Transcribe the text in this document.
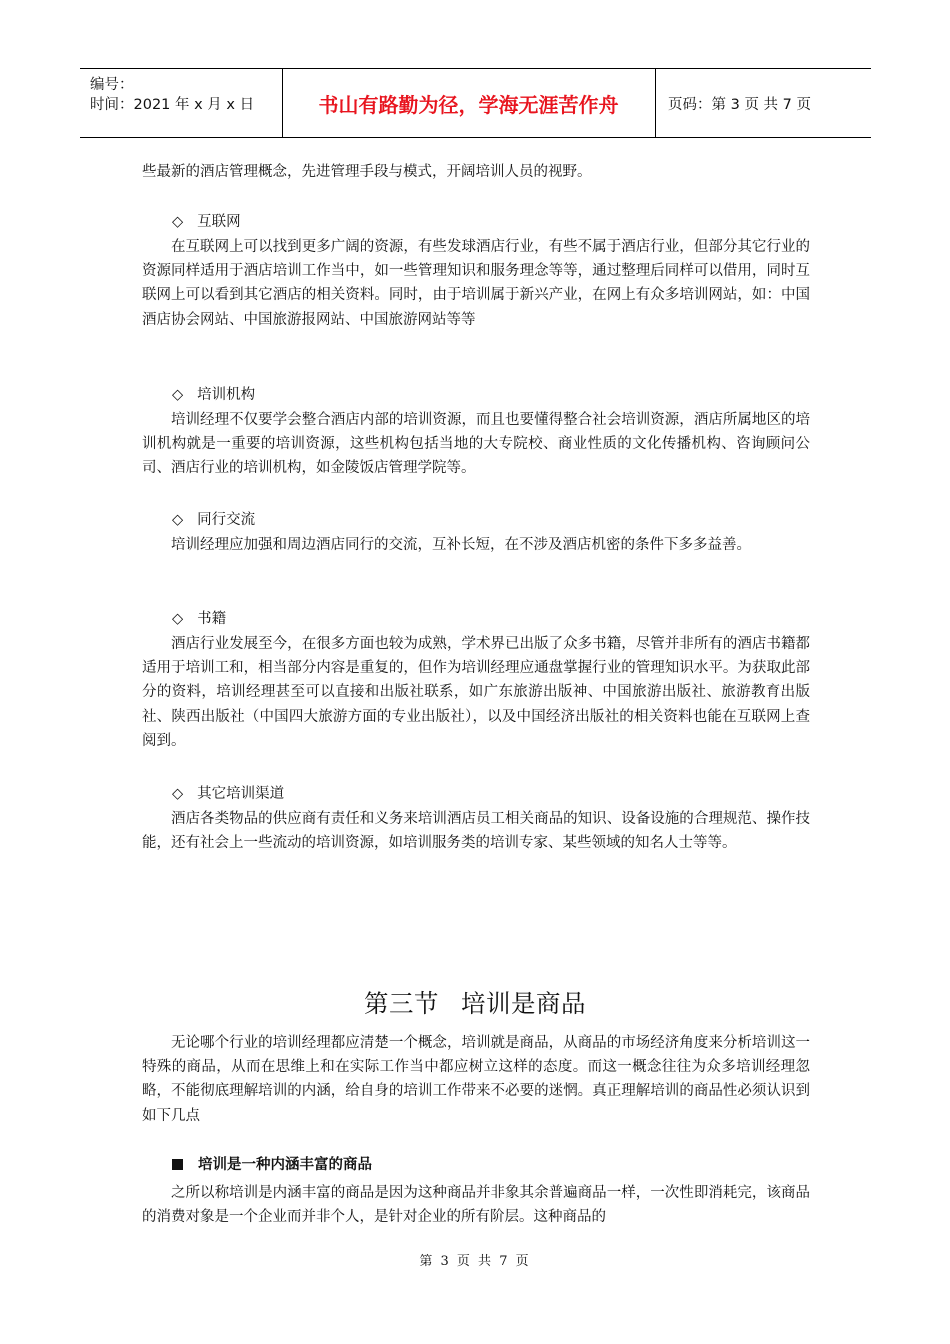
编号：
时间：2021 年 x 月 x 日	书山有路勤为径，学海无涯苦作舟	页码：第 3 页 共 7 页

些最新的酒店管理概念，先进管理手段与模式，开阔培训人员的视野。

◇ 互联网

在互联网上可以找到更多广阔的资源，有些发球酒店行业，有些不属于酒店行业，但部分其它行业的资源同样适用于酒店培训工作当中，如一些管理知识和服务理念等等，通过整理后同样可以借用，同时互联网上可以看到其它酒店的相关资料。同时，由于培训属于新兴产业，在网上有众多培训网站，如：中国酒店协会网站、中国旅游报网站、中国旅游网站等等

◇ 培训机构

培训经理不仅要学会整合酒店内部的培训资源，而且也要懂得整合社会培训资源，酒店所属地区的培训机构就是一重要的培训资源，这些机构包括当地的大专院校、商业性质的文化传播机构、咨询顾问公司、酒店行业的培训机构，如金陵饭店管理学院等。

◇ 同行交流

培训经理应加强和周边酒店同行的交流，互补长短，在不涉及酒店机密的条件下多多益善。

◇ 书籍

酒店行业发展至今，在很多方面也较为成熟，学术界已出版了众多书籍，尽管并非所有的酒店书籍都适用于培训工和，相当部分内容是重复的，但作为培训经理应通盘掌握行业的管理知识水平。为获取此部分的资料，培训经理甚至可以直接和出版社联系，如广东旅游出版神、中国旅游出版社、旅游教育出版社、陕西出版社（中国四大旅游方面的专业出版社），以及中国经济出版社的相关资料也能在互联网上查阅到。

◇ 其它培训渠道

酒店各类物品的供应商有责任和义务来培训酒店员工相关商品的知识、设备设施的合理规范、操作技能，还有社会上一些流动的培训资源，如培训服务类的培训专家、某些领域的知名人士等等。

第三节 培训是商品

无论哪个行业的培训经理都应清楚一个概念，培训就是商品，从商品的市场经济角度来分析培训这一特殊的商品，从而在思维上和在实际工作当中都应树立这样的态度。而这一概念往往为众多培训经理忽略，不能彻底理解培训的内涵，给自身的培训工作带来不必要的迷惘。真正理解培训的商品性必须认识到如下几点

培训是一种内涵丰富的商品

之所以称培训是内涵丰富的商品是因为这种商品并非象其余普遍商品一样，一次性即消耗完，该商品的消费对象是一个企业而并非个人，是针对企业的所有阶层。这种商品的

第 3 页 共 7 页
